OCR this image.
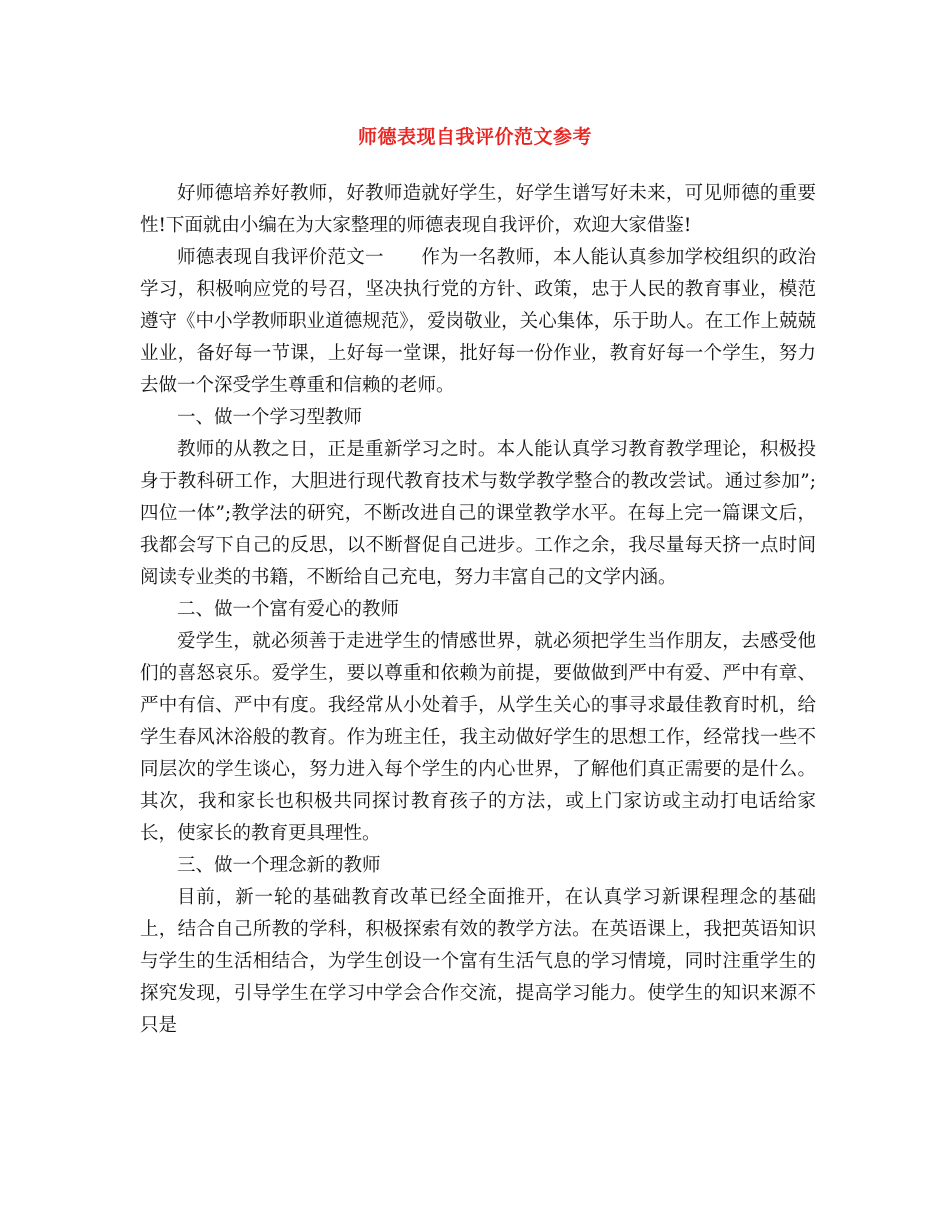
师德表现自我评价范文参考

好师德培养好教师，好教师造就好学生，好学生谱写好未来，可见师德的重要性!下面就由小编在为大家整理的师德表现自我评价，欢迎大家借鉴!

师德表现自我评价范文一　　作为一名教师，本人能认真参加学校组织的政治学习，积极响应党的号召，坚决执行党的方针、政策，忠于人民的教育事业，模范遵守《中小学教师职业道德规范》，爱岗敬业，关心集体，乐于助人。在工作上兢兢业业，备好每一节课，上好每一堂课，批好每一份作业，教育好每一个学生，努力去做一个深受学生尊重和信赖的老师。

一、做一个学习型教师

教师的从教之日，正是重新学习之时。本人能认真学习教育教学理论，积极投身于教科研工作，大胆进行现代教育技术与数学教学整合的教改尝试。通过参加”;四位一体”;教学法的研究，不断改进自己的课堂教学水平。在每上完一篇课文后，我都会写下自己的反思，以不断督促自己进步。工作之余，我尽量每天挤一点时间阅读专业类的书籍，不断给自己充电，努力丰富自己的文学内涵。

二、做一个富有爱心的教师

爱学生，就必须善于走进学生的情感世界，就必须把学生当作朋友，去感受他们的喜怒哀乐。爱学生，要以尊重和依赖为前提，要做做到严中有爱、严中有章、严中有信、严中有度。我经常从小处着手，从学生关心的事寻求最佳教育时机，给学生春风沐浴般的教育。作为班主任，我主动做好学生的思想工作，经常找一些不同层次的学生谈心，努力进入每个学生的内心世界，了解他们真正需要的是什么。其次，我和家长也积极共同探讨教育孩子的方法，或上门家访或主动打电话给家长，使家长的教育更具理性。

三、做一个理念新的教师

目前，新一轮的基础教育改革已经全面推开，在认真学习新课程理念的基础上，结合自己所教的学科，积极探索有效的教学方法。在英语课上，我把英语知识与学生的生活相结合，为学生创设一个富有生活气息的学习情境，同时注重学生的探究发现，引导学生在学习中学会合作交流，提高学习能力。使学生的知识来源不只是
